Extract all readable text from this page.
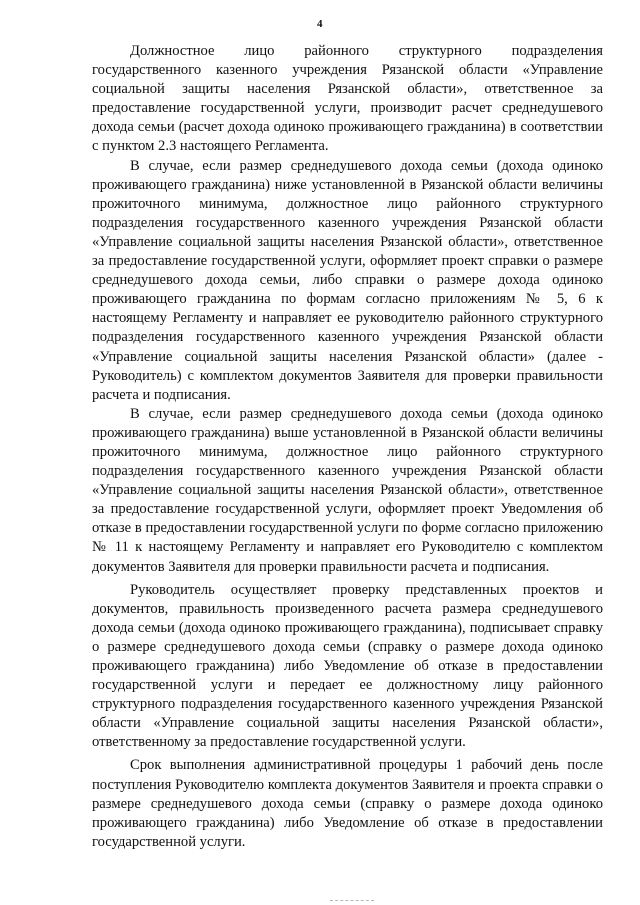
4

Должностное лицо районного структурного подразделения государственного казенного учреждения Рязанской области «Управление социальной защиты населения Рязанской области», ответственное за предоставление государственной услуги, производит расчет среднедушевого дохода семьи (расчет дохода одиноко проживающего гражданина) в соответствии с пунктом 2.3 настоящего Регламента.

В случае, если размер среднедушевого дохода семьи (дохода одиноко проживающего гражданина) ниже установленной в Рязанской области величины прожиточного минимума, должностное лицо районного структурного подразделения государственного казенного учреждения Рязанской области «Управление социальной защиты населения Рязанской области», ответственное за предоставление государственной услуги, оформляет проект справки о размере среднедушевого дохода семьи, либо справки о размере дохода одиноко проживающего гражданина по формам согласно приложениям № 5, 6 к настоящему Регламенту и направляет ее руководителю районного структурного подразделения государственного казенного учреждения Рязанской области «Управление социальной защиты населения Рязанской области» (далее - Руководитель) с комплектом документов Заявителя для проверки правильности расчета и подписания.

В случае, если размер среднедушевого дохода семьи (дохода одиноко проживающего гражданина) выше установленной в Рязанской области величины прожиточного минимума, должностное лицо районного структурного подразделения государственного казенного учреждения Рязанской области «Управление социальной защиты населения Рязанской области», ответственное за предоставление государственной услуги, оформляет проект Уведомления об отказе в предоставлении государственной услуги по форме согласно приложению № 11 к настоящему Регламенту и направляет его Руководителю с комплектом документов Заявителя для проверки правильности расчета и подписания.

Руководитель осуществляет проверку представленных проектов и документов, правильность произведенного расчета размера среднедушевого дохода семьи (дохода одиноко проживающего гражданина), подписывает справку о размере среднедушевого дохода семьи (справку о размере дохода одиноко проживающего гражданина) либо Уведомление об отказе в предоставлении государственной услуги и передает ее должностному лицу районного структурного подразделения государственного казенного учреждения Рязанской области «Управление социальной защиты населения Рязанской области», ответственному за предоставление государственной услуги.

Срок выполнения административной процедуры 1 рабочий день после поступления Руководителю комплекта документов Заявителя и проекта справки о размере среднедушевого дохода семьи (справку о размере дохода одиноко проживающего гражданина) либо Уведомление об отказе в предоставлении государственной услуги.
